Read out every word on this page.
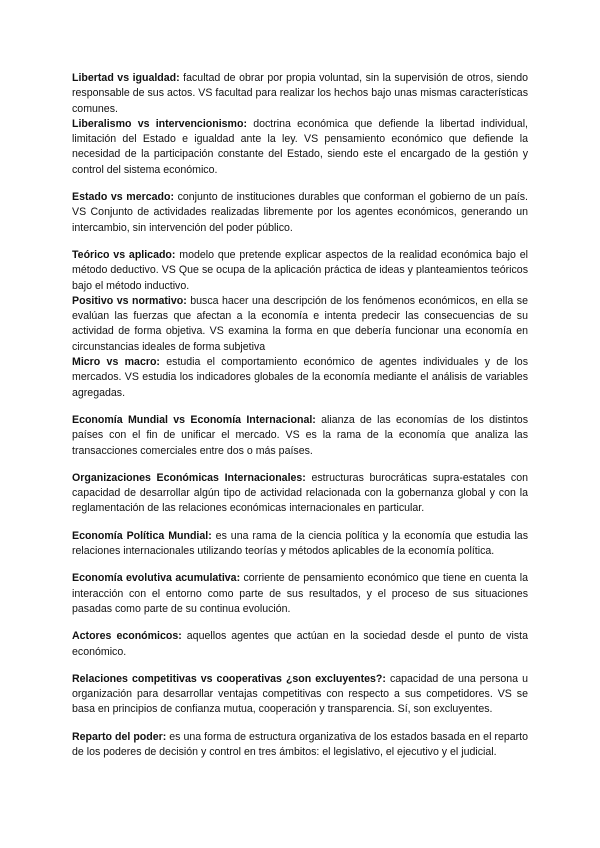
Libertad vs igualdad: facultad de obrar por propia voluntad, sin la supervisión de otros, siendo responsable de sus actos. VS facultad para realizar los hechos bajo unas mismas características comunes.

Liberalismo vs intervencionismo: doctrina económica que defiende la libertad individual, limitación del Estado e igualdad ante la ley. VS pensamiento económico que defiende la necesidad de la participación constante del Estado, siendo este el encargado de la gestión y control del sistema económico.

Estado vs mercado: conjunto de instituciones durables que conforman el gobierno de un país. VS Conjunto de actividades realizadas libremente por los agentes económicos, generando un intercambio, sin intervención del poder público.

Teórico vs aplicado: modelo que pretende explicar aspectos de la realidad económica bajo el método deductivo. VS Que se ocupa de la aplicación práctica de ideas y planteamientos teóricos bajo el método inductivo.

Positivo vs normativo: busca hacer una descripción de los fenómenos económicos, en ella se evalúan las fuerzas que afectan a la economía e intenta predecir las consecuencias de su actividad de forma objetiva. VS examina la forma en que debería funcionar una economía en circunstancias ideales de forma subjetiva

Micro vs macro: estudia el comportamiento económico de agentes individuales y de los mercados. VS estudia los indicadores globales de la economía mediante el análisis de variables agregadas.

Economía Mundial vs Economía Internacional: alianza de las economías de los distintos países con el fin de unificar el mercado. VS es la rama de la economía que analiza las transacciones comerciales entre dos o más países.

Organizaciones Económicas Internacionales: estructuras burocráticas supra-estatales con capacidad de desarrollar algún tipo de actividad relacionada con la gobernanza global y con la reglamentación de las relaciones económicas internacionales en particular.

Economía Política Mundial: es una rama de la ciencia política y la economía que estudia las relaciones internacionales utilizando teorías y métodos aplicables de la economía política.

Economía evolutiva acumulativa: corriente de pensamiento económico que tiene en cuenta la interacción con el entorno como parte de sus resultados, y el proceso de sus situaciones pasadas como parte de su continua evolución.

Actores económicos: aquellos agentes que actúan en la sociedad desde el punto de vista económico.

Relaciones competitivas vs cooperativas ¿son excluyentes?: capacidad de una persona u organización para desarrollar ventajas competitivas con respecto a sus competidores. VS se basa en principios de confianza mutua, cooperación y transparencia. Sí, son excluyentes.

Reparto del poder: es una forma de estructura organizativa de los estados basada en el reparto de los poderes de decisión y control en tres ámbitos: el legislativo, el ejecutivo y el judicial.
